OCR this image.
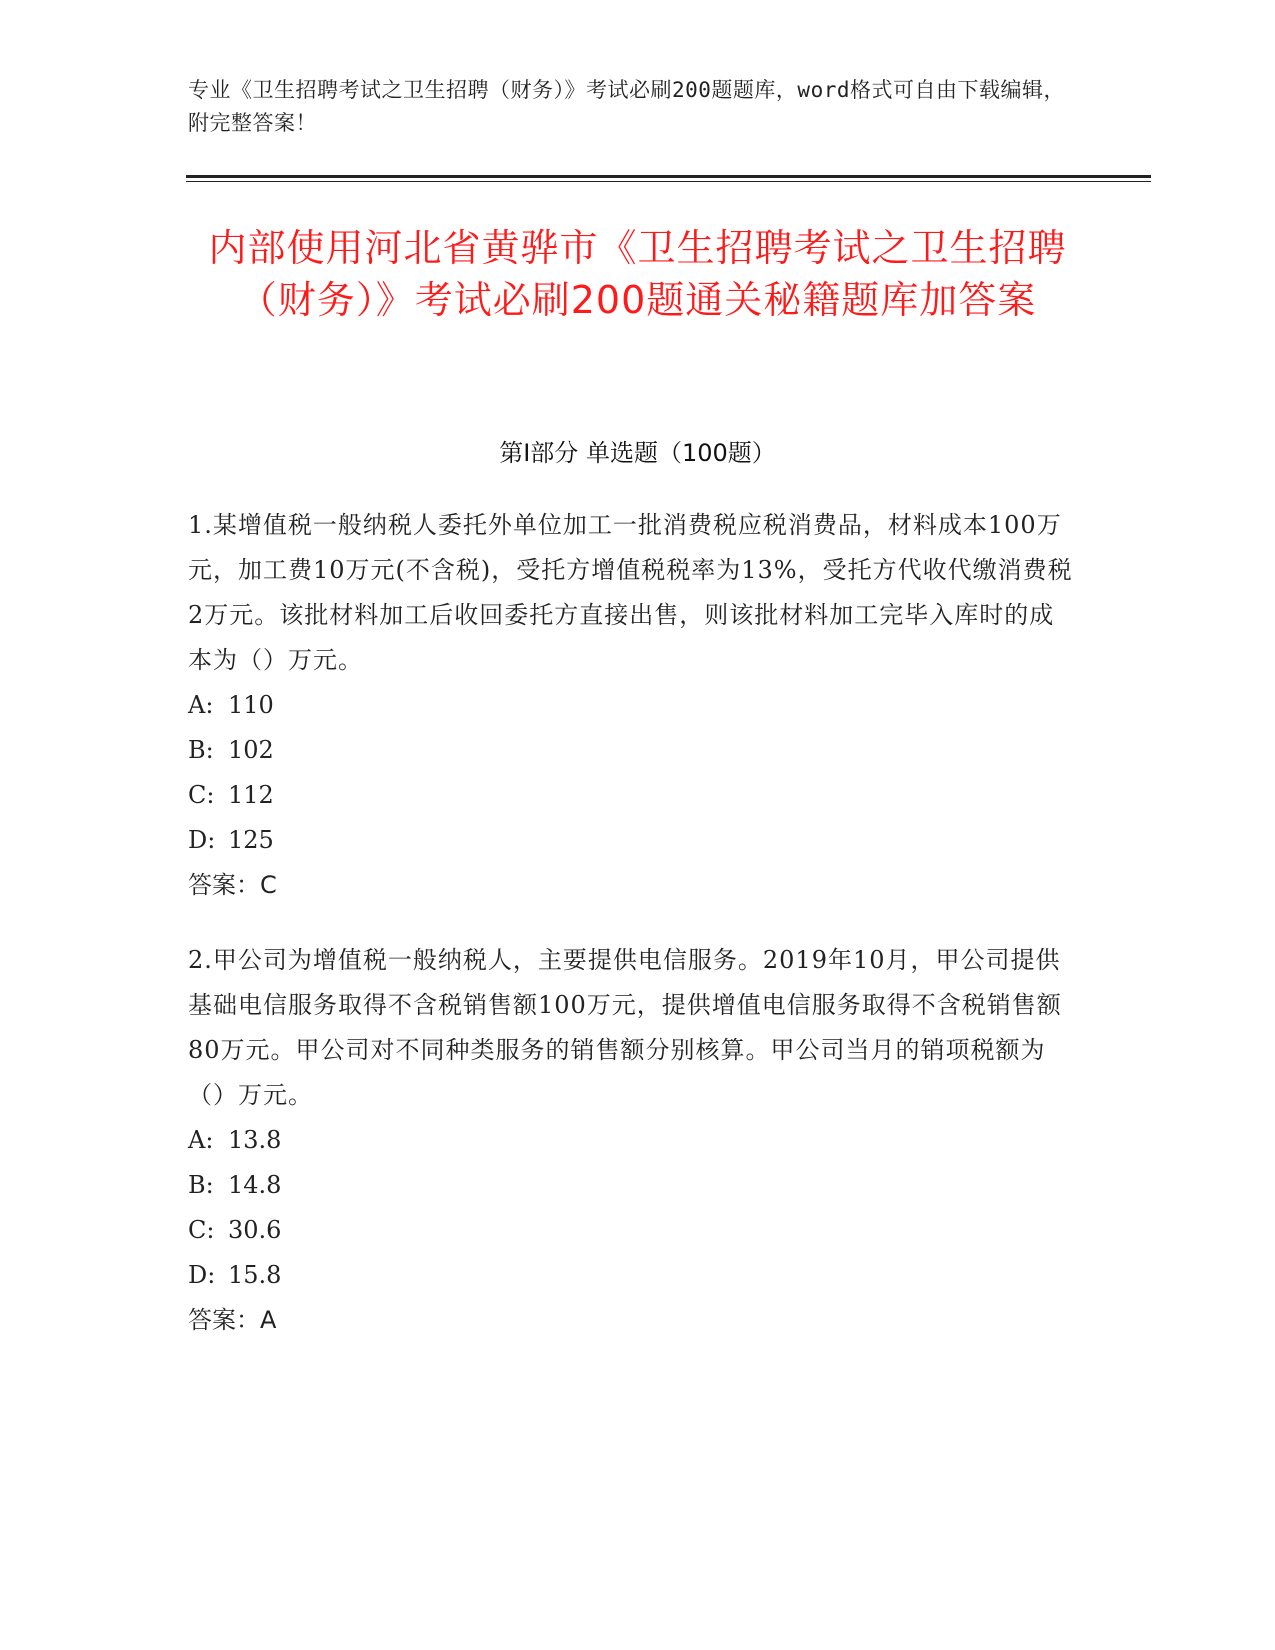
专业《卫生招聘考试之卫生招聘（财务）》考试必刷200题题库，word格式可自由下载编辑，附完整答案！
内部使用河北省黄骅市《卫生招聘考试之卫生招聘（财务）》考试必刷200题通关秘籍题库加答案
第I部分 单选题（100题）
1.某增值税一般纳税人委托外单位加工一批消费税应税消费品，材料成本100万元，加工费10万元(不含税)，受托方增值税税率为13%，受托方代收代缴消费税2万元。该批材料加工后收回委托方直接出售，则该批材料加工完毕入库时的成本为（）万元。
A: 110
B: 102
C: 112
D: 125
答案：C
2.甲公司为增值税一般纳税人，主要提供电信服务。2019年10月，甲公司提供基础电信服务取得不含税销售额100万元，提供增值电信服务取得不含税销售额80万元。甲公司对不同种类服务的销售额分别核算。甲公司当月的销项税额为（）万元。
A: 13.8
B: 14.8
C: 30.6
D: 15.8
答案：A
